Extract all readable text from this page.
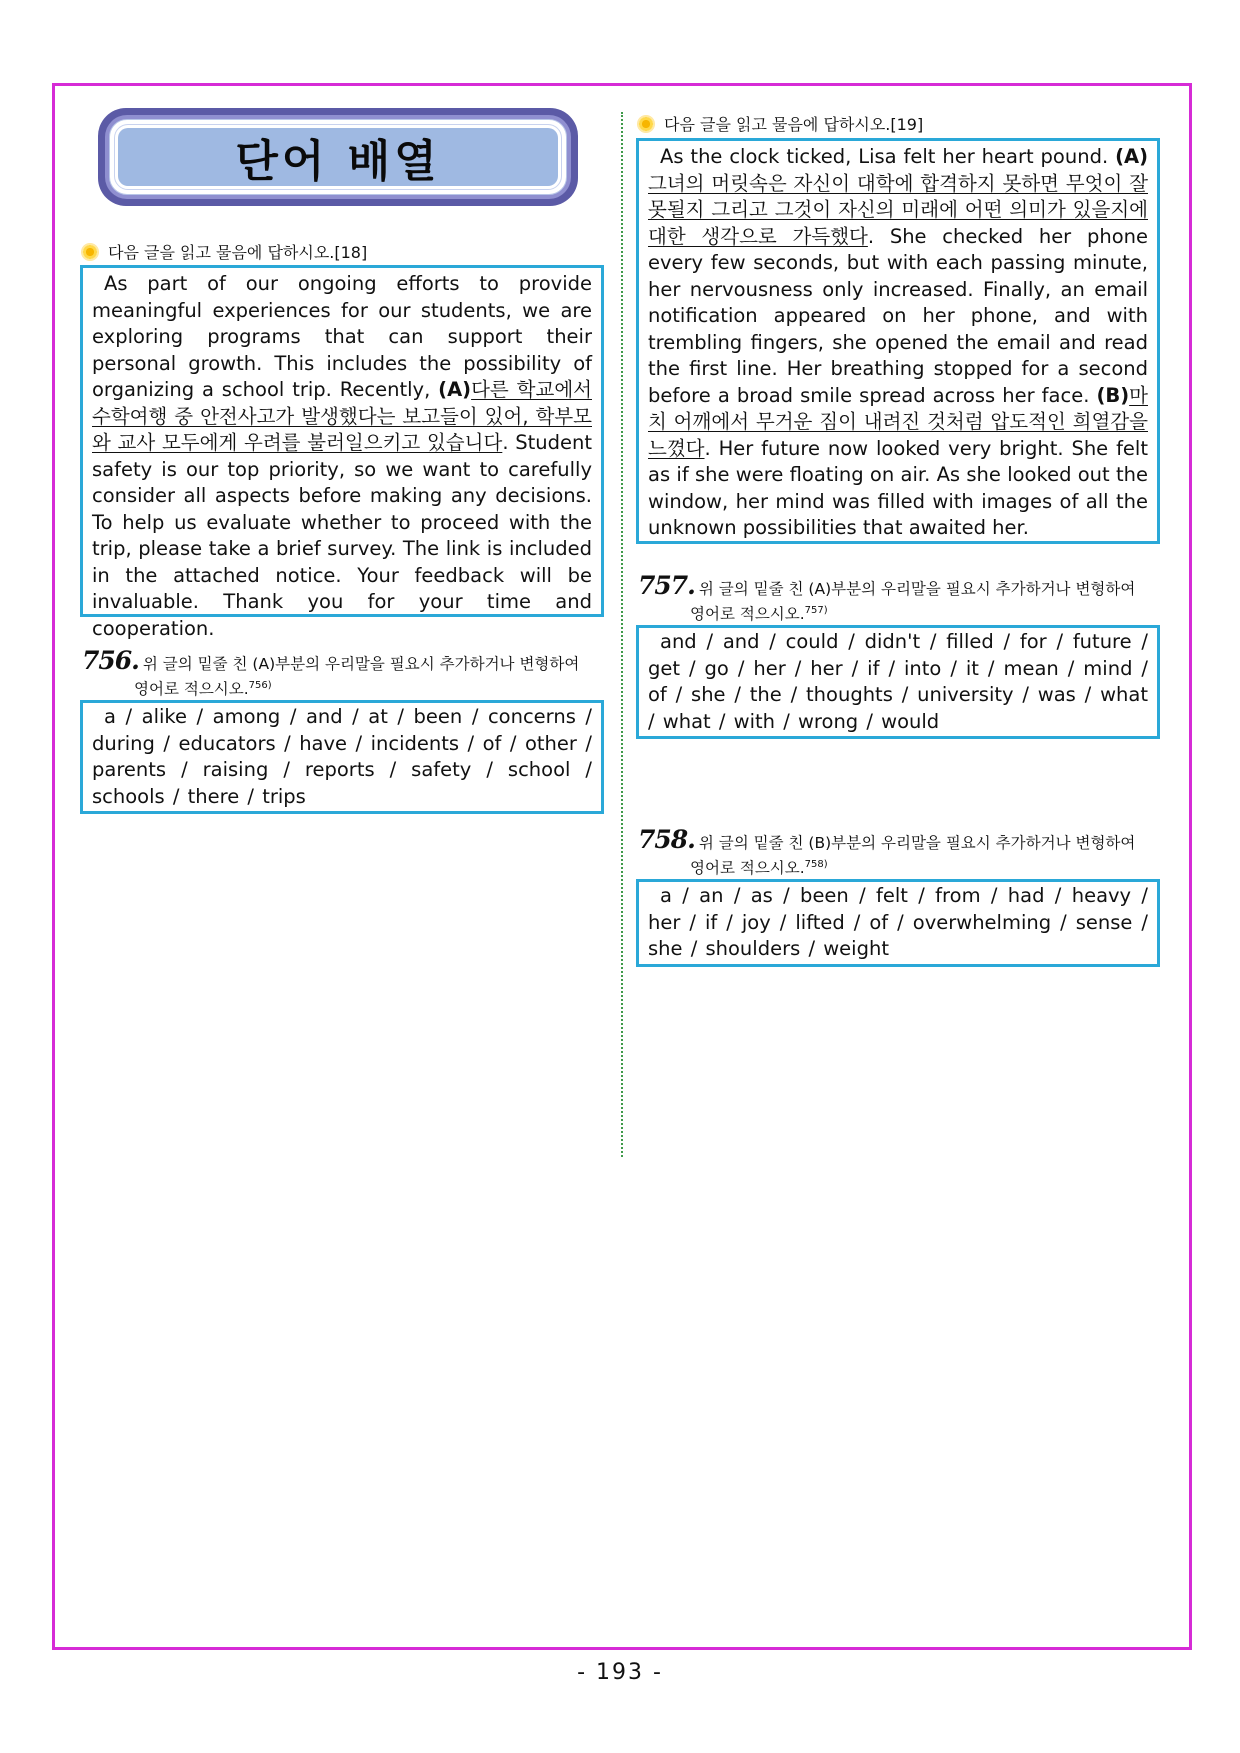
단어 배열
다음 글을 읽고 물음에 답하시오.[18]

As part of our ongoing efforts to provide meaningful experiences for our students, we are exploring programs that can support their personal growth. This includes the possibility of organizing a school trip. Recently, (A)다른 학교에서 수학여행 중 안전사고가 발생했다는 보고들이 있어, 학부모와 교사 모두에게 우려를 불러일으키고 있습니다. Student safety is our top priority, so we want to carefully consider all aspects before making any decisions. To help us evaluate whether to proceed with the trip, please take a brief survey. The link is included in the attached notice. Your feedback will be invaluable. Thank you for your time and cooperation.

756. 위 글의 밑줄 친 (A)부분의 우리말을 필요시 추가하거나 변형하여
영어로 적으시오.$^{756)}$
a / alike / among / and / at / been / concerns / during / educators / have / incidents / of / other / parents / raising / reports / safety / school / schools / there / trips
다음 글을 읽고 물음에 답하시오.[19]

As the clock ticked, Lisa felt her heart pound. (A)그녀의 머릿속은 자신이 대학에 합격하지 못하면 무엇이 잘못될지 그리고 그것이 자신의 미래에 어떤 의미가 있을지에 대한 생각으로 가득했다. She checked her phone every few seconds, but with each passing minute, her nervousness only increased. Finally, an email notification appeared on her phone, and with trembling fingers, she opened the email and read the first line. Her breathing stopped for a second before a broad smile spread across her face. (B)마치 어깨에서 무거운 짐이 내려진 것처럼 압도적인 희열감을 느꼈다. Her future now looked very bright. She felt as if she were floating on air. As she looked out the window, her mind was filled with images of all the unknown possibilities that awaited her.

757. 위 글의 밑줄 친 (A)부분의 우리말을 필요시 추가하거나 변형하여
영어로 적으시오.$^{757)}$
and / and / could / didn't / filled / for / future / get / go / her / her / if / into / it / mean / mind / of / she / the / thoughts / university / was / what / what / with / wrong / would
758. 위 글의 밑줄 친 (B)부분의 우리말을 필요시 추가하거나 변형하여
영어로 적으시오.$^{758)}$
a / an / as / been / felt / from / had / heavy / her / if / joy / lifted / of / overwhelming / sense / she / shoulders / weight
- 193 -
